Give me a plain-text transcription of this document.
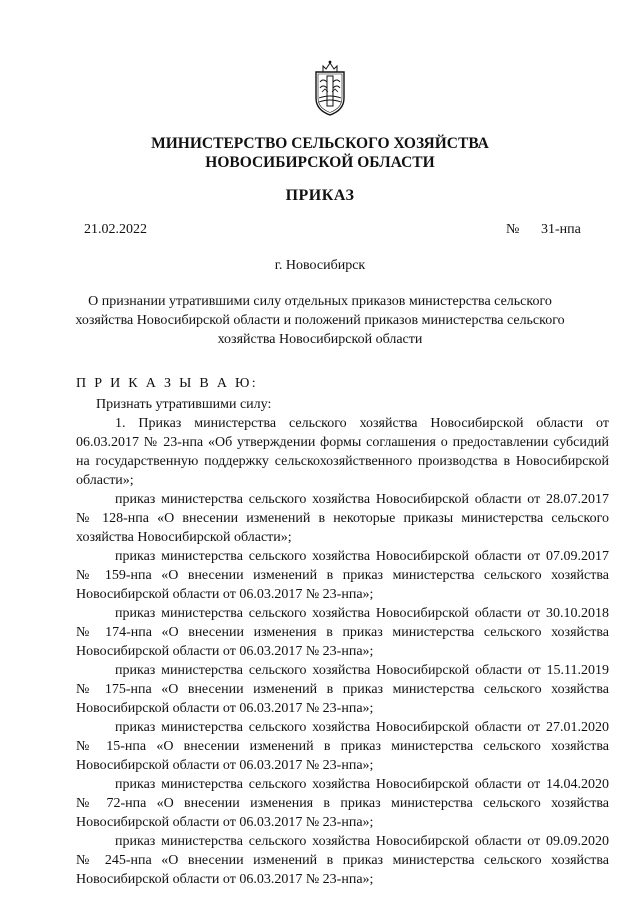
МИНИСТЕРСТВО СЕЛЬСКОГО ХОЗЯЙСТВА
НОВОСИБИРСКОЙ ОБЛАСТИ
ПРИКАЗ
21.02.2022	№ 31-нпа
г. Новосибирск
О признании утратившими силу отдельных приказов министерства сельского хозяйства Новосибирской области и положений приказов министерства сельского хозяйства Новосибирской области
П Р И К А З Ы В А Ю:

Признать утратившими силу:

1. Приказ министерства сельского хозяйства Новосибирской области от 06.03.2017 № 23-нпа «Об утверждении формы соглашения о предоставлении субсидий на государственную поддержку сельскохозяйственного производства в Новосибирской области»;

приказ министерства сельского хозяйства Новосибирской области от 28.07.2017 № 128-нпа «О внесении изменений в некоторые приказы министерства сельского хозяйства Новосибирской области»;

приказ министерства сельского хозяйства Новосибирской области от 07.09.2017 № 159-нпа «О внесении изменений в приказ министерства сельского хозяйства Новосибирской области от 06.03.2017 № 23-нпа»;

приказ министерства сельского хозяйства Новосибирской области от 30.10.2018 № 174-нпа «О внесении изменения в приказ министерства сельского хозяйства Новосибирской области от 06.03.2017 № 23-нпа»;

приказ министерства сельского хозяйства Новосибирской области от 15.11.2019 № 175-нпа «О внесении изменений в приказ министерства сельского хозяйства Новосибирской области от 06.03.2017 № 23-нпа»;

приказ министерства сельского хозяйства Новосибирской области от 27.01.2020 № 15-нпа «О внесении изменений в приказ министерства сельского хозяйства Новосибирской области от 06.03.2017 № 23-нпа»;

приказ министерства сельского хозяйства Новосибирской области от 14.04.2020 № 72-нпа «О внесении изменения в приказ министерства сельского хозяйства Новосибирской области от 06.03.2017 № 23-нпа»;

приказ министерства сельского хозяйства Новосибирской области от 09.09.2020 № 245-нпа «О внесении изменений в приказ министерства сельского хозяйства Новосибирской области от 06.03.2017 № 23-нпа»;
